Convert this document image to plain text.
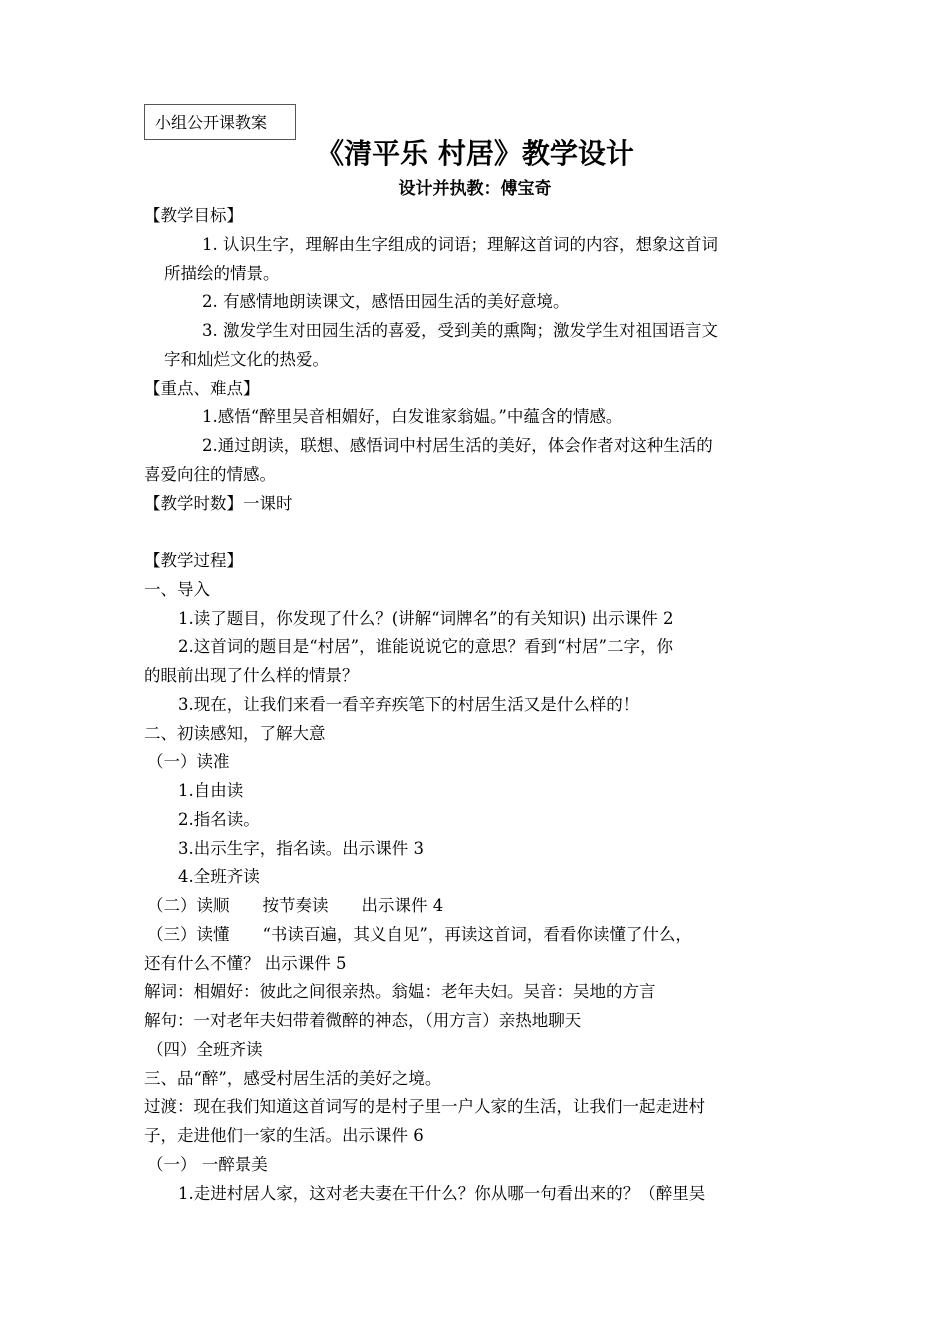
小组公开课教案
《清平乐 村居》教学设计
设计并执教：傅宝奇
【教学目标】
1. 认识生字，理解由生字组成的词语；理解这首词的内容，想象这首词
所描绘的情景。
2. 有感情地朗读课文，感悟田园生活的美好意境。
3. 激发学生对田园生活的喜爱，受到美的熏陶；激发学生对祖国语言文
字和灿烂文化的热爱。
【重点、难点】
1.感悟“醉里吴音相媚好，白发谁家翁媪。”中蕴含的情感。
2.通过朗读，联想、感悟词中村居生活的美好，体会作者对这种生活的
喜爱向往的情感。
【教学时数】一课时
【教学过程】
一、导入
1.读了题目，你发现了什么？(讲解“词牌名”的有关知识) 出示课件 2
2.这首词的题目是“村居”，谁能说说它的意思？看到“村居”二字，你
的眼前出现了什么样的情景？
3.现在，让我们来看一看辛弃疾笔下的村居生活又是什么样的！
二、初读感知，了解大意
（一）读准
1.自由读
2.指名读。
3.出示生字，指名读。出示课件 3
4.全班齐读
（二）读顺　　按节奏读　　出示课件 4
（三）读懂　　“书读百遍，其义自见”，再读这首词，看看你读懂了什么，
还有什么不懂？ 出示课件 5
解词：相媚好：彼此之间很亲热。翁媪：老年夫妇。吴音：吴地的方言
解句：一对老年夫妇带着微醉的神态，（用方言）亲热地聊天
（四）全班齐读
三、品“醉”，感受村居生活的美好之境。
过渡：现在我们知道这首词写的是村子里一户人家的生活，让我们一起走进村
子，走进他们一家的生活。出示课件 6
（一） 一醉景美
1.走进村居人家，这对老夫妻在干什么？你从哪一句看出来的？（醉里吴
